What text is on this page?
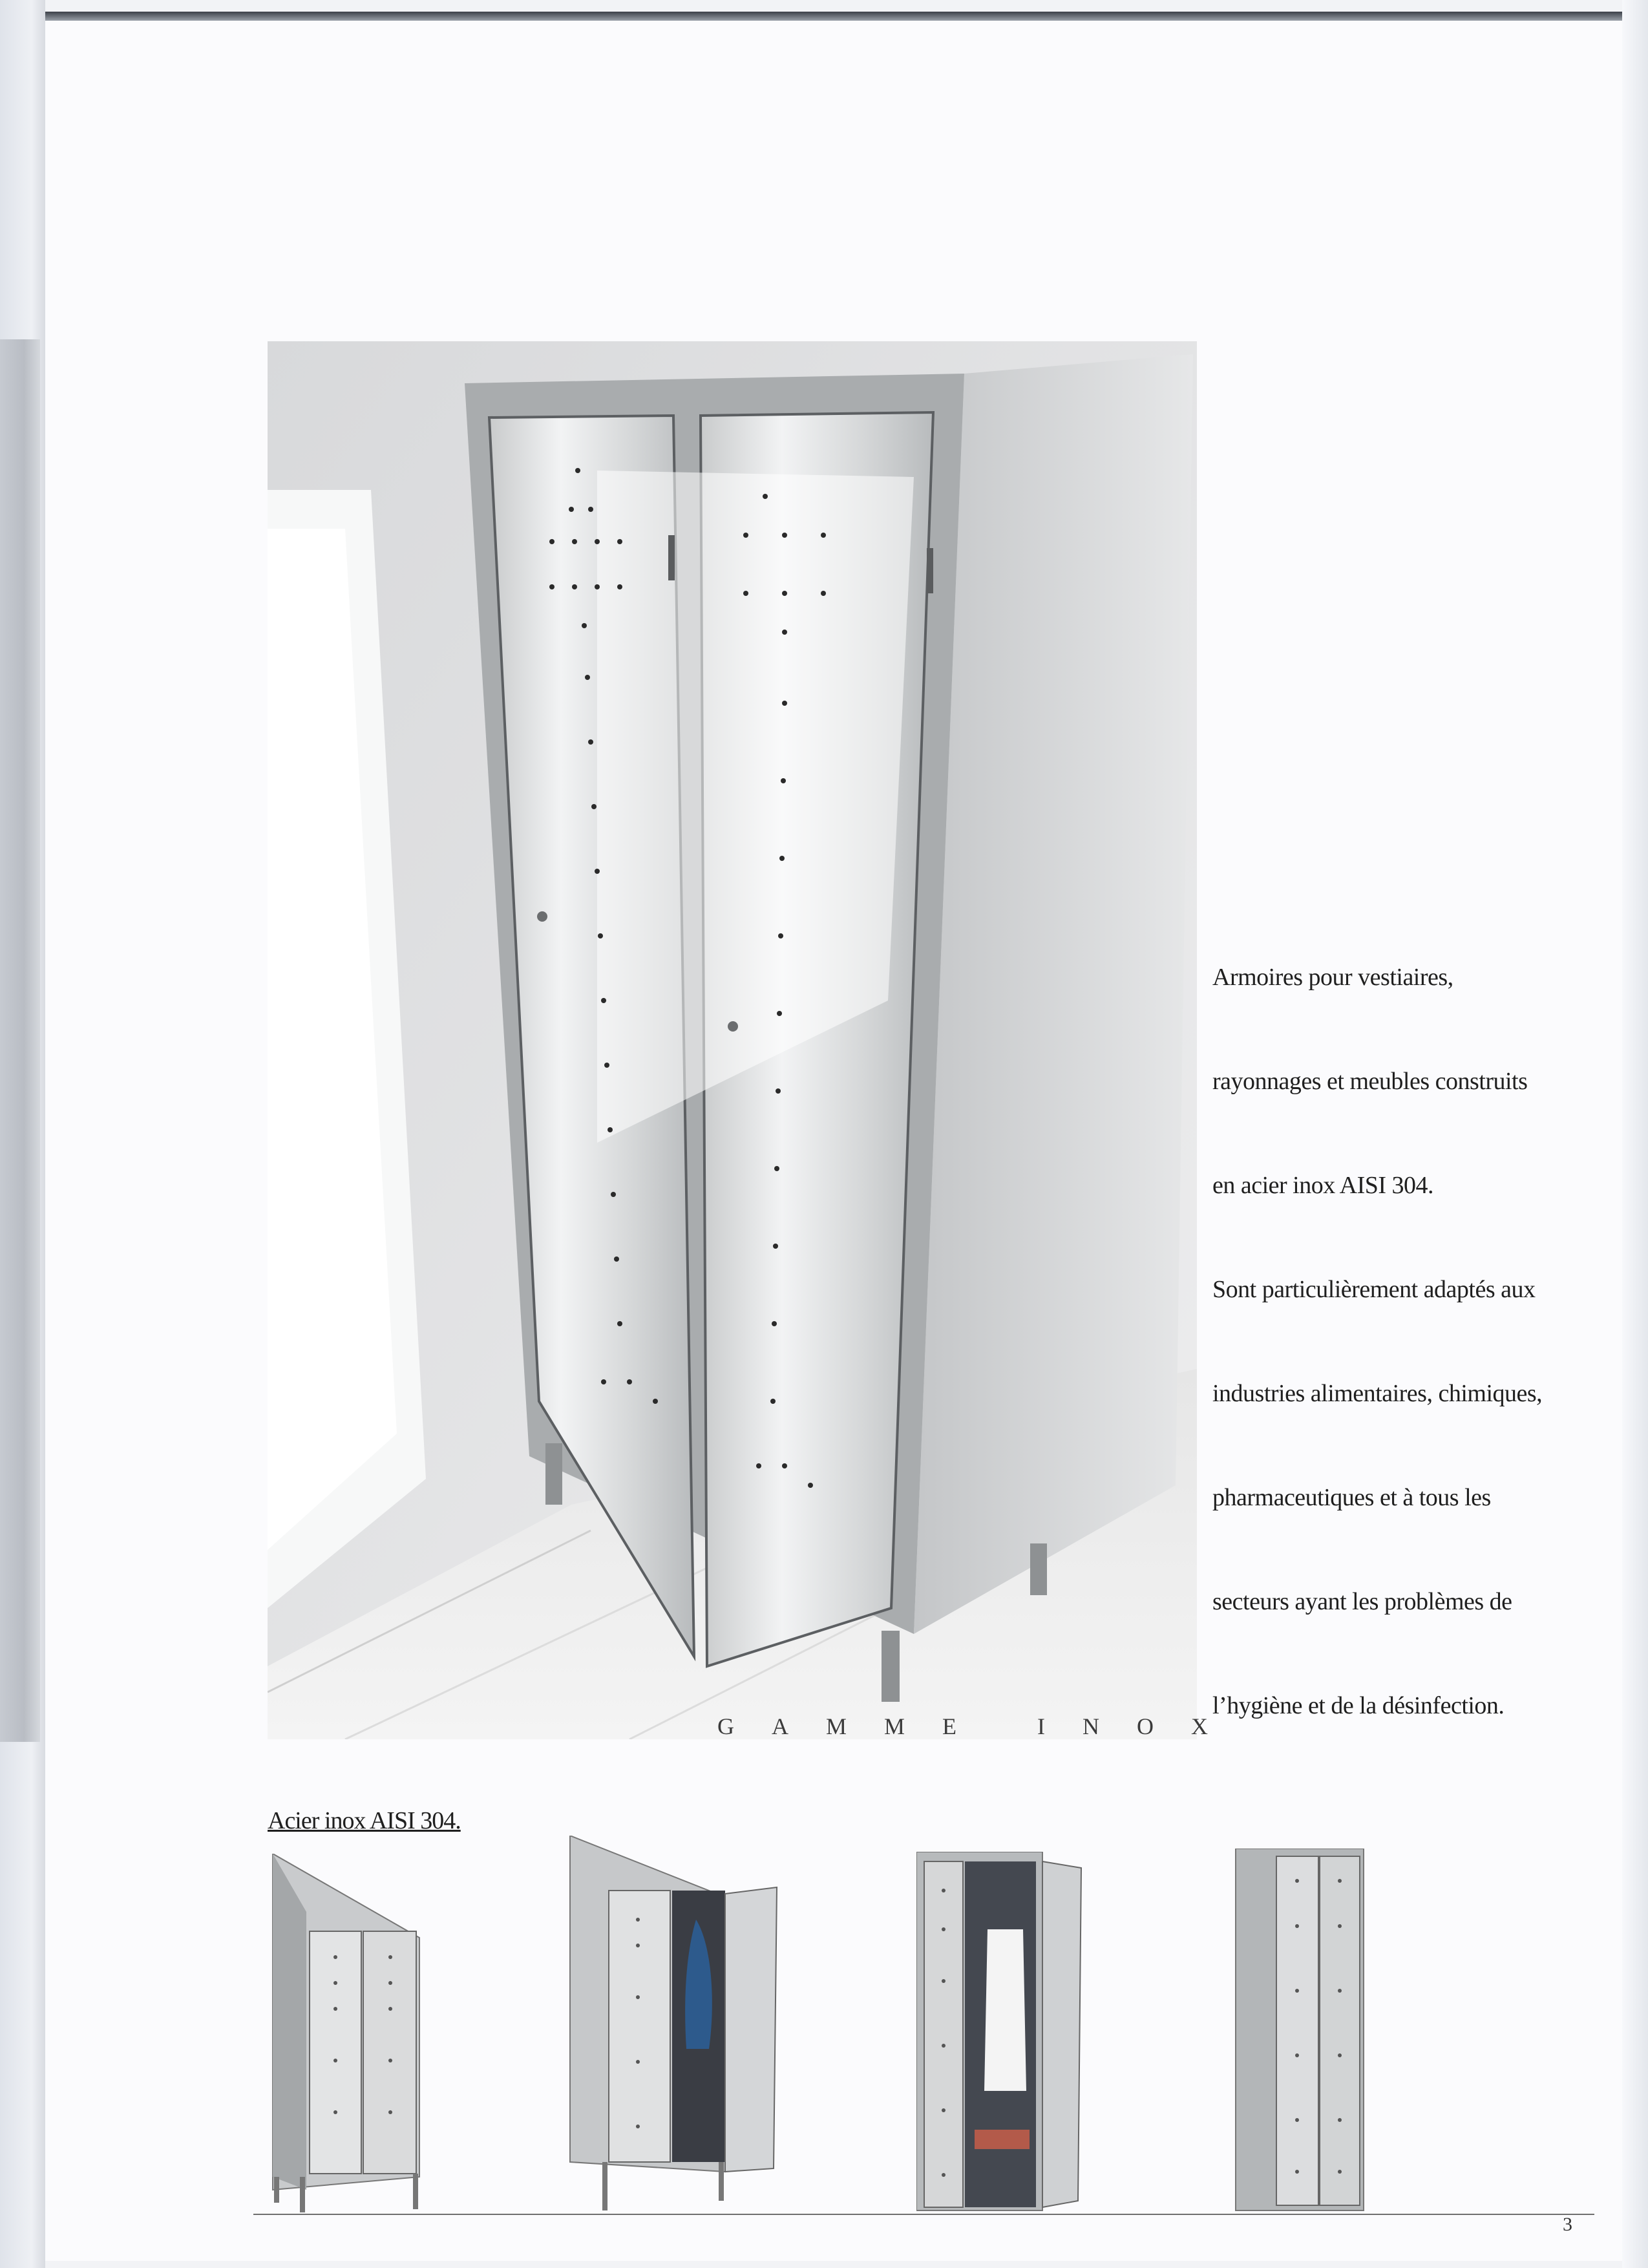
GAMME INOX

Armoires pour vestiaires,

rayonnages et meubles construits

en acier inox AISI 304.

Sont particulièrement adaptés aux

industries alimentaires, chimiques,

pharmaceutiques et à tous les

secteurs ayant les problèmes de

l’hygiène et de la désinfection.

Acier inox AISI 304.
3
